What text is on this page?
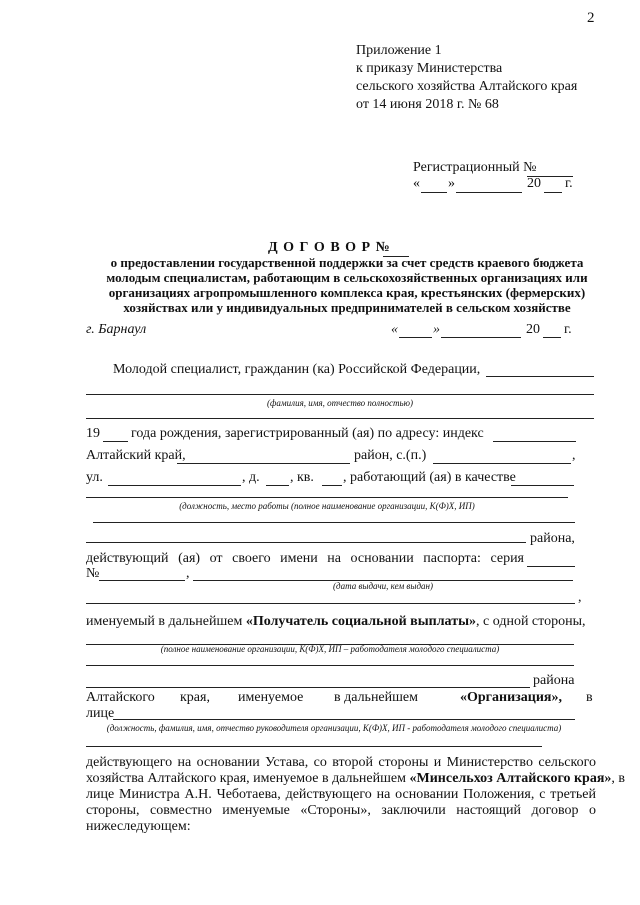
2
Приложение 1
к приказу Министерства
сельского хозяйства Алтайского края
от 14 июня 2018 г. № 68
Регистрационный №
« »	20 г.
Д О Г О В О Р №
о предоставлении государственной поддержки за счет средств краевого бюджета
молодым специалистам, работающим в сельскохозяйственных организациях или
организациях агропромышленного комплекса края, крестьянских (фермерских)
хозяйствах или у индивидуальных предпринимателей в сельском хозяйстве
г. Барнаул	«	»	20 г.
Молодой специалист, гражданин (ка) Российской Федерации,
(фамилия, имя, отчество полностью)
19 года рождения, зарегистрированный (ая) по адресу: индекс
Алтайский край,	район, с.(п.)	,
ул.	, д. , кв. , работающий (ая) в качестве
(должность, место работы (полное наименование организации, К(Ф)Х, ИП)
района,
действующий (ая) от своего имени на основании паспорта: серия
№	,
(дата выдачи, кем выдан)
,
именуемый в дальнейшем «Получатель социальной выплаты», с одной стороны,
(полное наименование организации, К(Ф)Х, ИП – работодателя молодого специалиста)
района
Алтайского края, именуемое в дальнейшем	«Организация», в
лице
(должность, фамилия, имя, отчество руководителя организации, К(Ф)Х, ИП - работодателя молодого специалиста)
действующего на основании Устава, со второй стороны и Министерство сельского
хозяйства Алтайского края, именуемое в дальнейшем «Минсельхоз Алтайского края», в
лице Министра А.Н. Чеботаева, действующего на основании Положения, с третьей
стороны, совместно именуемые «Стороны», заключили настоящий договор о
нижеследующем:
